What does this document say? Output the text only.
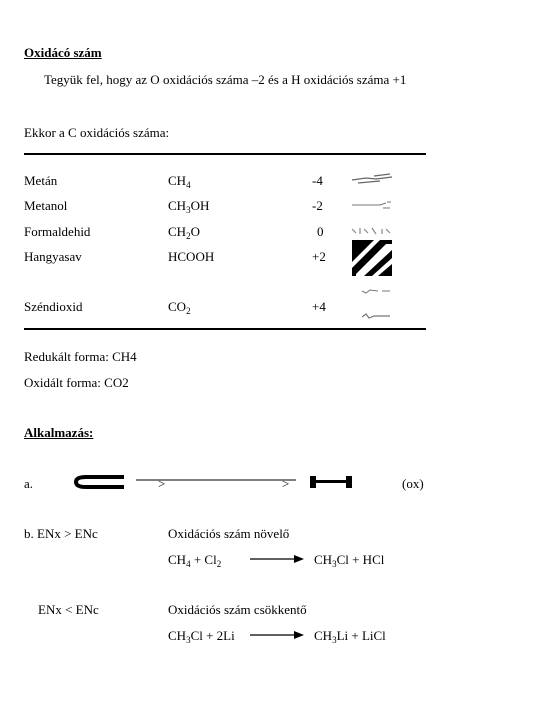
Oxidácó szám
Tegyük fel, hogy az O oxidációs száma –2 és a H oxidációs száma +1
Ekkor a C oxidációs száma:
Metán	$CH_4$	-4
Metanol	$CH_3OH$	-2
Formaldehid	$CH_2O$	0
Hangyasav	HCOOH	+2
Széndioxid	$CO_2$	+4
Redukált forma: CH4
Oxidált forma: CO2
Alkalmazás:
a.	>	>	(ox)
b. ENx > ENc	Oxidációs szám növelő
$CH_4 + Cl_2$	$CH_3Cl$ + HCl
ENx < ENc	Oxidációs szám csökkentő
$CH_3Cl + 2Li$	$CH_3Li$ + LiCl
